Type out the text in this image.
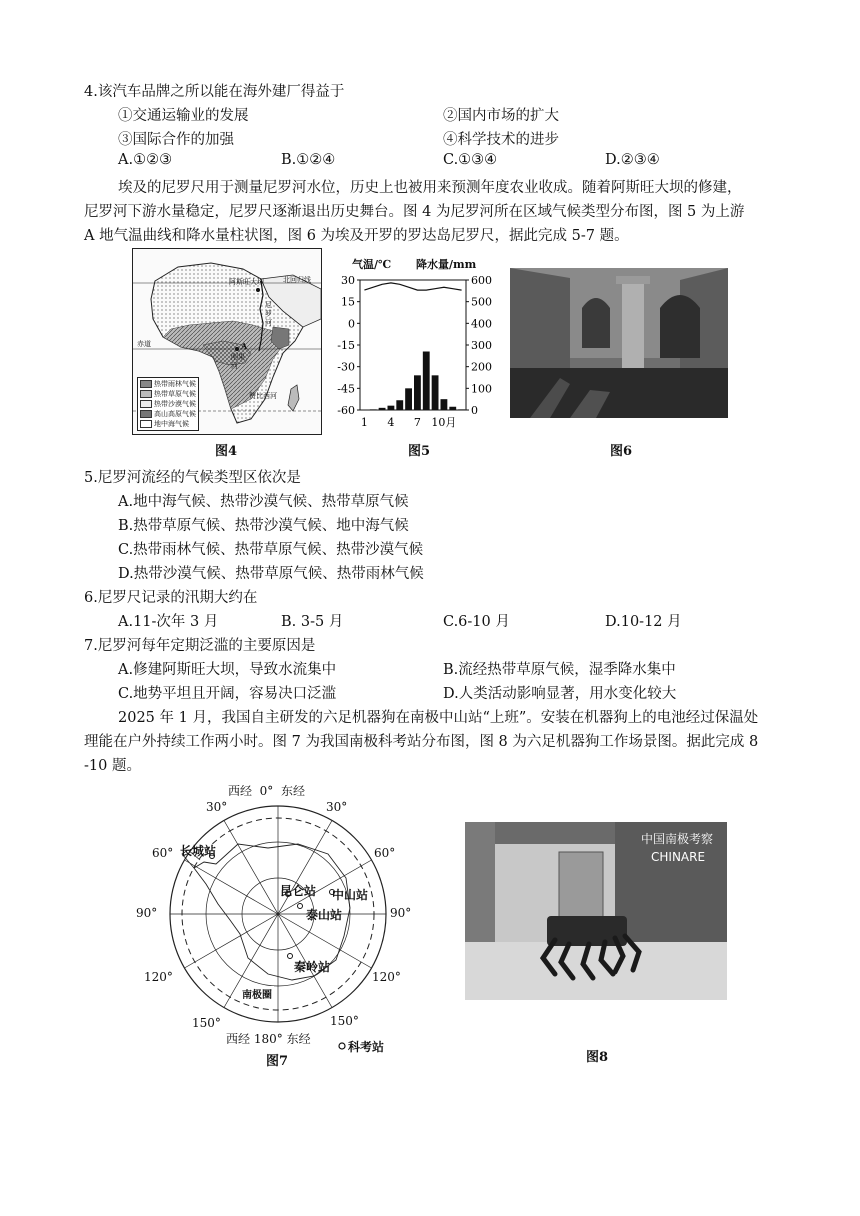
4.该汽车品牌之所以能在海外建厂得益于
①交通运输业的发展	②国内市场的扩大
③国际合作的加强	④科学技术的进步
A.①②③	B.①②④	C.①③④	D.②③④
埃及的尼罗尺用于测量尼罗河水位，历史上也被用来预测年度农业收成。随着阿斯旺大坝的修建，
尼罗河下游水量稳定，尼罗尺逐渐退出历史舞台。图 4 为尼罗河所在区域气候类型分布图，图 5 为上游
A 地气温曲线和降水量柱状图，图 6 为埃及开罗的罗达岛尼罗尺，据此完成 5-7 题。
阿斯旺大坝	北回归线
赤道
尼
罗
河
A
刚果
河
赞比西河
热带雨林气候
热带草原气候
热带沙漠气候
高山高原气候
地中海气候
图4
30
15
0
-15
-30
-45
-60
600
500
400
300
200
100
0
1 4 7 10月
气温/℃ 降水量/mm
图5	图6
5.尼罗河流经的气候类型区依次是
A.地中海气候、热带沙漠气候、热带草原气候
B.热带草原气候、热带沙漠气候、地中海气候
C.热带雨林气候、热带草原气候、热带沙漠气候
D.热带沙漠气候、热带草原气候、热带雨林气候
6.尼罗尺记录的汛期大约在
A.11-次年 3 月	B. 3-5 月	C.6-10 月	D.10-12 月
7.尼罗河每年定期泛滥的主要原因是
A.修建阿斯旺大坝，导致水流集中	B.流经热带草原气候，湿季降水集中
C.地势平坦且开阔，容易决口泛滥	D.人类活动影响显著，用水变化较大
2025 年 1 月，我国自主研发的六足机器狗在南极中山站“上班”。安装在机器狗上的电池经过保温处
理能在户外持续工作两小时。图 7 为我国南极科考站分布图，图 8 为六足机器狗工作场景图。据此完成 8
-10 题。
西经 0° 东经
30°	30°
60°	60°
90°	90°
120°	120°
150°	150°
西经 180° 东经
科考站
长城站
昆仑站 中山站
泰山站
秦岭站
南极圈
图7
中国南极考察
CHINARE
图8
